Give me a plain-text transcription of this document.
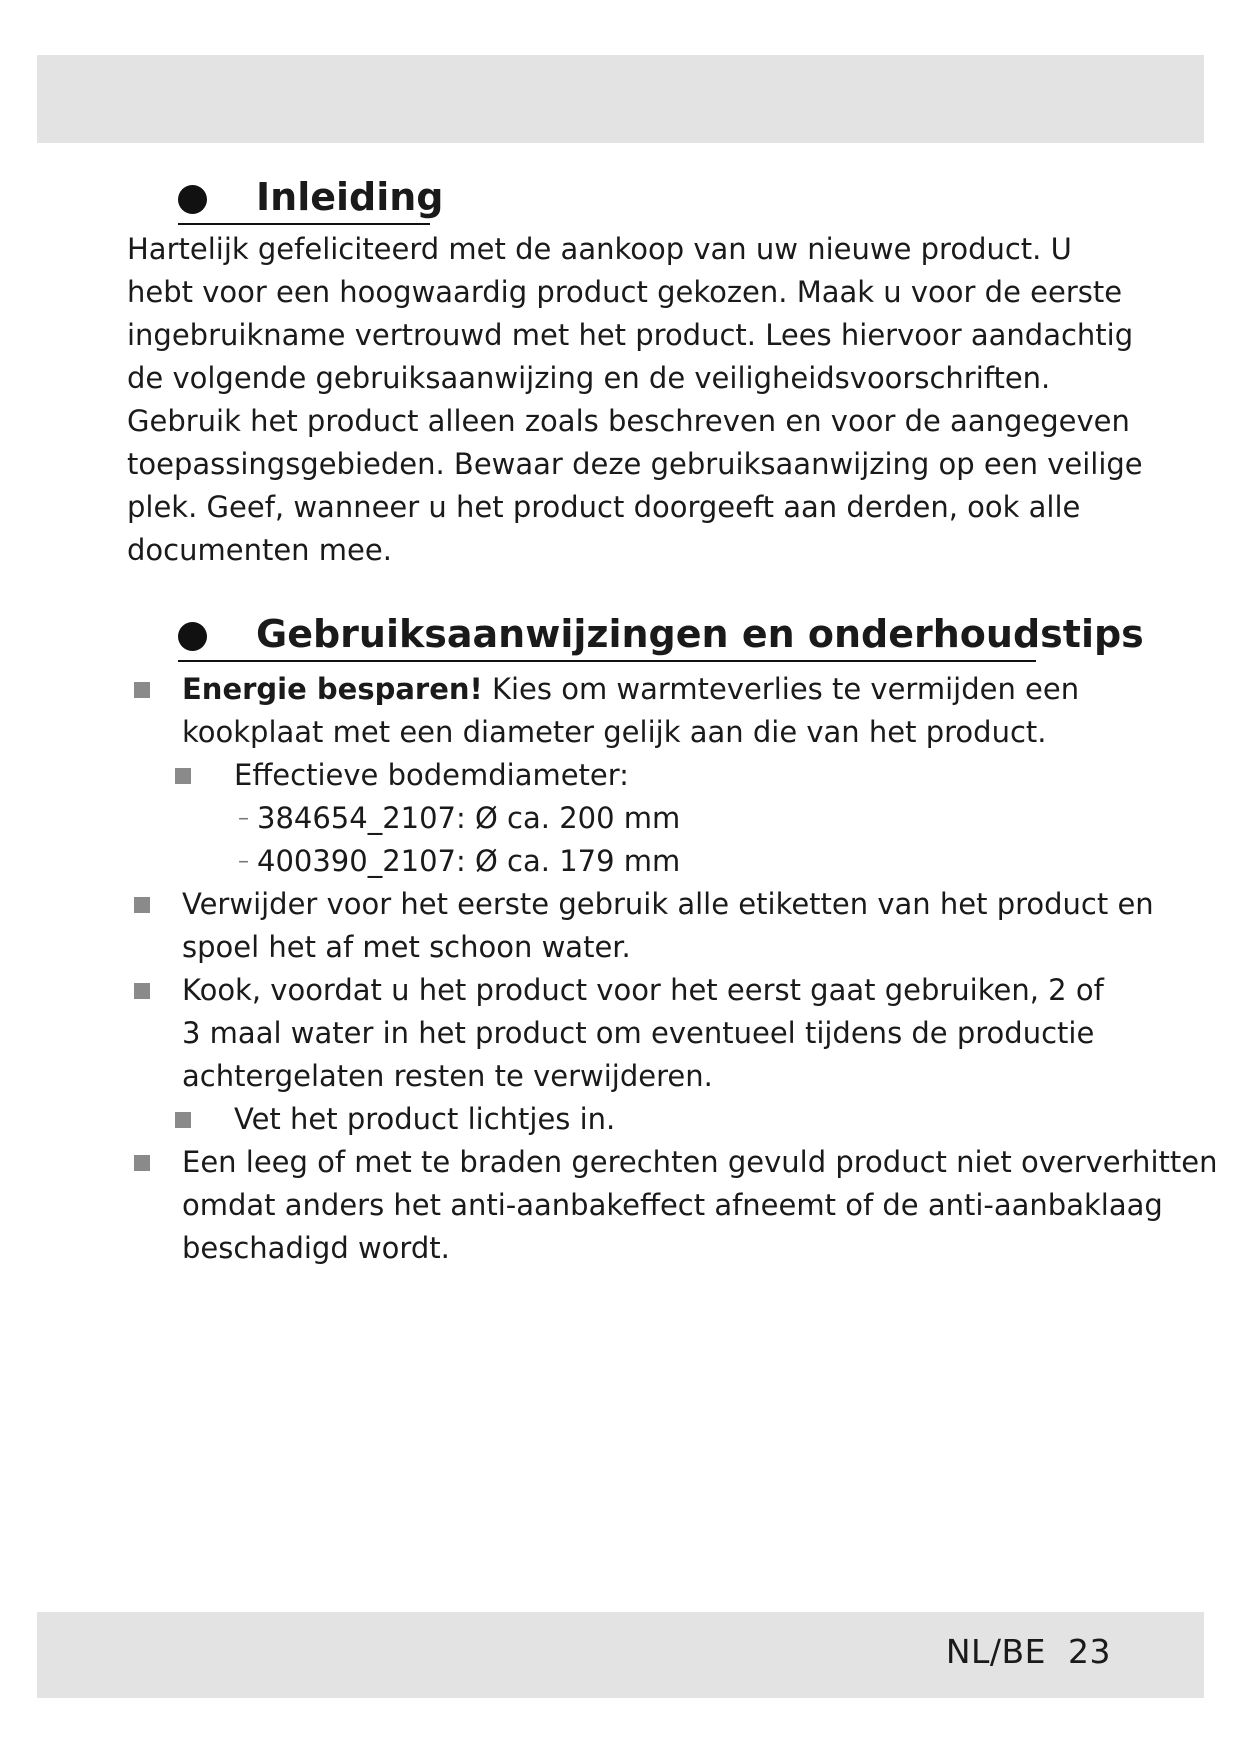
Inleiding

Hartelijk gefeliciteerd met de aankoop van uw nieuwe product. U
hebt voor een hoogwaardig product gekozen. Maak u voor de eerste
ingebruikname vertrouwd met het product. Lees hiervoor aandachtig
de volgende gebruiksaanwijzing en de veiligheidsvoorschriften.
Gebruik het product alleen zoals beschreven en voor de aangegeven
toepassingsgebieden. Bewaar deze gebruiksaanwijzing op een veilige
plek. Geef, wanneer u het product doorgeeft aan derden, ook alle
documenten mee.

Gebruiksaanwijzingen en onderhoudstips
Energie besparen! Kies om warmteverlies te vermijden een
kookplaat met een diameter gelijk aan die van het product.
Effectieve bodemdiameter:
– 384654_2107: Ø ca. 200 mm
– 400390_2107: Ø ca. 179 mm
Verwijder voor het eerste gebruik alle etiketten van het product en
spoel het af met schoon water.
Kook, voordat u het product voor het eerst gaat gebruiken, 2 of
3 maal water in het product om eventueel tijdens de productie
achtergelaten resten te verwijderen.
Vet het product lichtjes in.
Een leeg of met te braden gerechten gevuld product niet oververhitten
omdat anders het anti-aanbakeffect afneemt of de anti-aanbaklaag
beschadigd wordt.
NL/BE 23
